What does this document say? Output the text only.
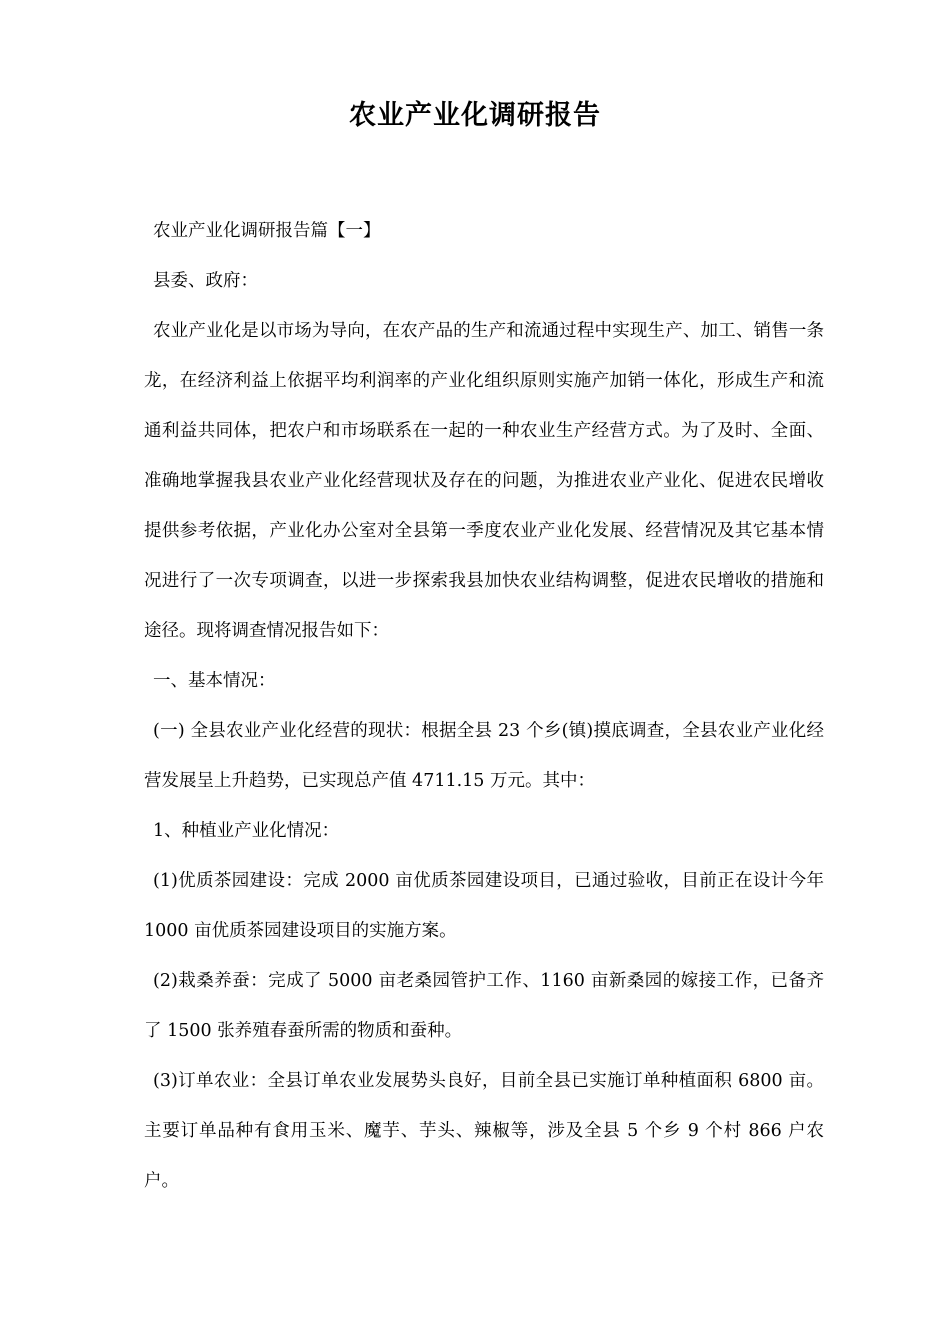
农业产业化调研报告

农业产业化调研报告篇【一】

县委、政府：

农业产业化是以市场为导向，在农产品的生产和流通过程中实现生产、加工、销售一条龙，在经济利益上依据平均利润率的产业化组织原则实施产加销一体化，形成生产和流通利益共同体，把农户和市场联系在一起的一种农业生产经营方式。为了及时、全面、准确地掌握我县农业产业化经营现状及存在的问题，为推进农业产业化、促进农民增收提供参考依据，产业化办公室对全县第一季度农业产业化发展、经营情况及其它基本情况进行了一次专项调查，以进一步探索我县加快农业结构调整，促进农民增收的措施和途径。现将调查情况报告如下：

一、基本情况：

(一) 全县农业产业化经营的现状：根据全县 23 个乡(镇)摸底调查，全县农业产业化经营发展呈上升趋势，已实现总产值 4711.15 万元。其中：

1、种植业产业化情况：

(1)优质茶园建设：完成 2000 亩优质茶园建设项目，已通过验收，目前正在设计今年 1000 亩优质茶园建设项目的实施方案。

(2)栽桑养蚕：完成了 5000 亩老桑园管护工作、1160 亩新桑园的嫁接工作，已备齐了 1500 张养殖春蚕所需的物质和蚕种。

(3)订单农业：全县订单农业发展势头良好，目前全县已实施订单种植面积 6800 亩。主要订单品种有食用玉米、魔芋、芋头、辣椒等，涉及全县 5 个乡 9 个村 866 户农户。
